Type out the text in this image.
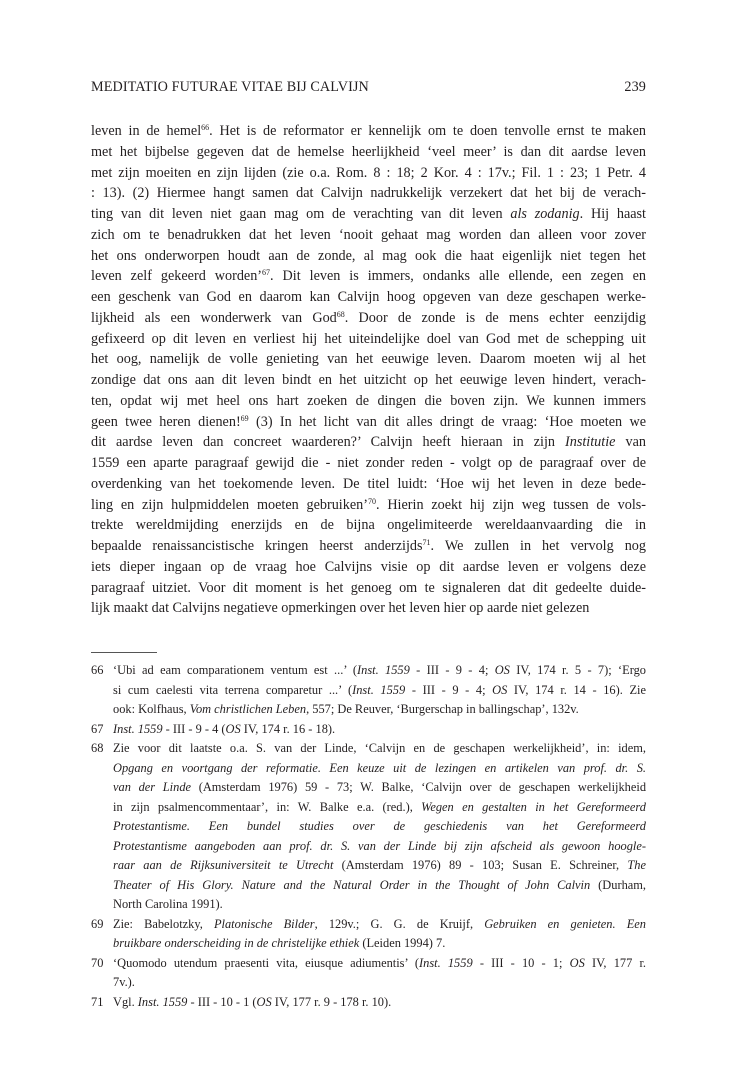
MEDITATIO FUTURAE VITAE BIJ CALVIJN	239
leven in de hemel$^{66}$. Het is de reformator er kennelijk om te doen tenvolle ernst te maken
met het bijbelse gegeven dat de hemelse heerlijkheid ‘veel meer’ is dan dit aardse leven
met zijn moeiten en zijn lijden (zie o.a. Rom. 8 : 18; 2 Kor. 4 : 17v.; Fil. 1 : 23; 1 Petr. 4
: 13). (2) Hiermee hangt samen dat Calvijn nadrukkelijk verzekert dat het bij de verach-
ting van dit leven niet gaan mag om de verachting van dit leven als zodanig. Hij haast
zich om te benadrukken dat het leven ‘nooit gehaat mag worden dan alleen voor zover
het ons onderworpen houdt aan de zonde, al mag ook die haat eigenlijk niet tegen het
leven zelf gekeerd worden’$^{67}$. Dit leven is immers, ondanks alle ellende, een zegen en
een geschenk van God en daarom kan Calvijn hoog opgeven van deze geschapen werke-
lijkheid als een wonderwerk van God$^{68}$. Door de zonde is de mens echter eenzijdig
gefixeerd op dit leven en verliest hij het uiteindelijke doel van God met de schepping uit
het oog, namelijk de volle genieting van het eeuwige leven. Daarom moeten wij al het
zondige dat ons aan dit leven bindt en het uitzicht op het eeuwige leven hindert, verach-
ten, opdat wij met heel ons hart zoeken de dingen die boven zijn. We kunnen immers
geen twee heren dienen!$^{69}$ (3) In het licht van dit alles dringt de vraag: ‘Hoe moeten we
dit aardse leven dan concreet waarderen?’ Calvijn heeft hieraan in zijn Institutie van
1559 een aparte paragraaf gewijd die - niet zonder reden - volgt op de paragraaf over de
overdenking van het toekomende leven. De titel luidt: ‘Hoe wij het leven in deze bede-
ling en zijn hulpmiddelen moeten gebruiken’$^{70}$. Hierin zoekt hij zijn weg tussen de vols-
trekte wereldmijding enerzijds en de bijna ongelimiteerde wereldaanvaarding die in
bepaalde renaissancistische kringen heerst anderzijds$^{71}$. We zullen in het vervolg nog
iets dieper ingaan op de vraag hoe Calvijns visie op dit aardse leven er volgens deze
paragraaf uitziet. Voor dit moment is het genoeg om te signaleren dat dit gedeelte duide-
lijk maakt dat Calvijns negatieve opmerkingen over het leven hier op aarde niet gelezen
66 ‘Ubi ad eam comparationem ventum est ...’ (Inst. 1559 - III - 9 - 4; OS IV, 174 r. 5 - 7); ‘Ergo
si cum caelesti vita terrena comparetur ...’ (Inst. 1559 - III - 9 - 4; OS IV, 174 r. 14 - 16). Zie
ook: Kolfhaus, Vom christlichen Leben, 557; De Reuver, ‘Burgerschap in ballingschap’, 132v.
67 Inst. 1559 - III - 9 - 4 (OS IV, 174 r. 16 - 18).
68 Zie voor dit laatste o.a. S. van der Linde, ‘Calvijn en de geschapen werkelijkheid’, in: idem,
Opgang en voortgang der reformatie. Een keuze uit de lezingen en artikelen van prof. dr. S.
van der Linde (Amsterdam 1976) 59 - 73; W. Balke, ‘Calvijn over de geschapen werkelijkheid
in zijn psalmencommentaar’, in: W. Balke e.a. (red.), Wegen en gestalten in het Gereformeerd
Protestantisme. Een bundel studies over de geschiedenis van het Gereformeerd
Protestantisme aangeboden aan prof. dr. S. van der Linde bij zijn afscheid als gewoon hoogle-
raar aan de Rijksuniversiteit te Utrecht (Amsterdam 1976) 89 - 103; Susan E. Schreiner, The
Theater of His Glory. Nature and the Natural Order in the Thought of John Calvin (Durham,
North Carolina 1991).
69 Zie: Babelotzky, Platonische Bilder, 129v.; G. G. de Kruijf, Gebruiken en genieten. Een
bruikbare onderscheiding in de christelijke ethiek (Leiden 1994) 7.
70 ‘Quomodo utendum praesenti vita, eiusque adiumentis’ (Inst. 1559 - III - 10 - 1; OS IV, 177 r.
7v.).
71 Vgl. Inst. 1559 - III - 10 - 1 (OS IV, 177 r. 9 - 178 r. 10).
